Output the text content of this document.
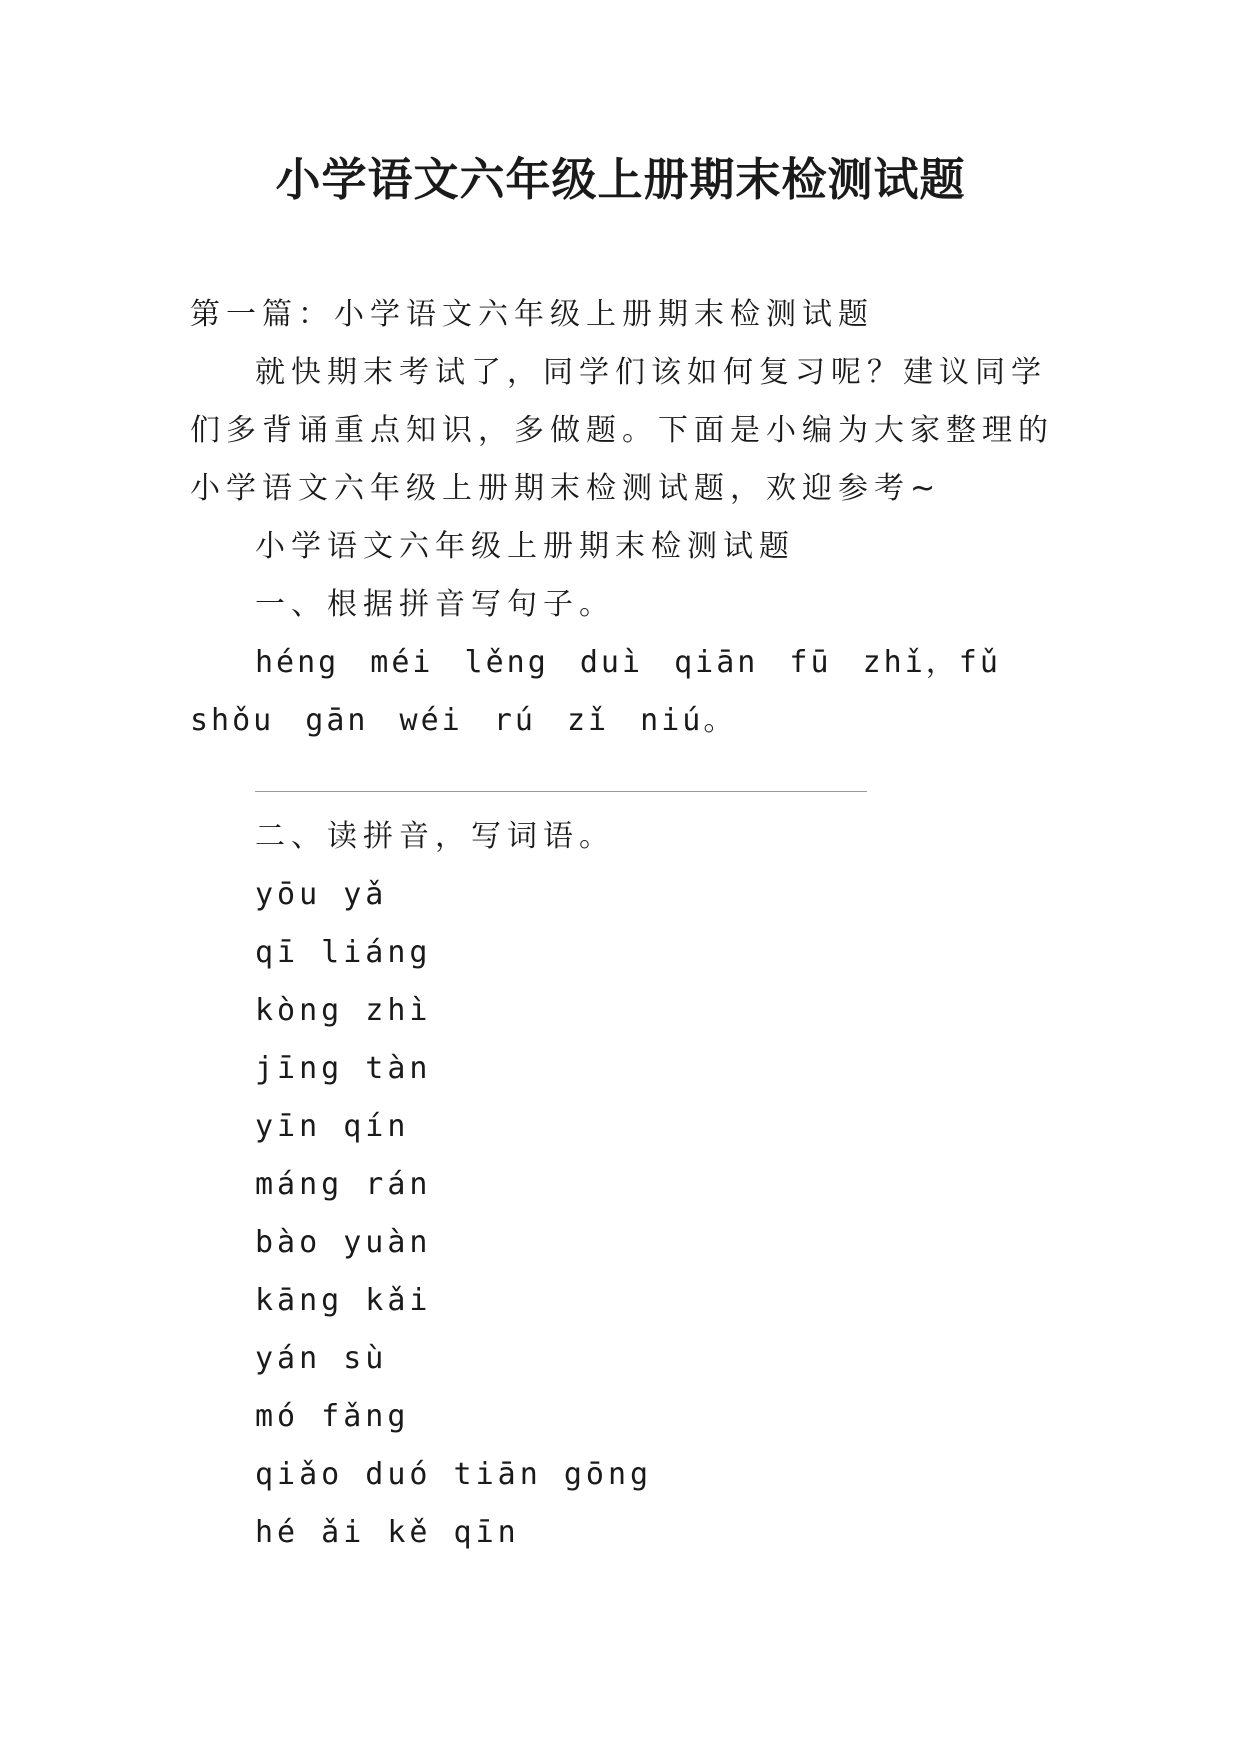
小学语文六年级上册期末检测试题
第一篇：小学语文六年级上册期末检测试题

就快期末考试了，同学们该如何复习呢？建议同学们多背诵重点知识，多做题。下面是小编为大家整理的小学语文六年级上册期末检测试题，欢迎参考~

小学语文六年级上册期末检测试题
一、根据拼音写句子。

héng méi lěng duì qiān fū zhǐ，fǔ shǒu gān wéi rú zǐ niú。

二、读拼音，写词语。
yōu yǎ
qī liáng
kòng zhì
jīng tàn
yīn qín
máng rán
bào yuàn
kāng kǎi
yán sù
mó fǎng
qiǎo duó tiān gōng
hé ǎi kě qīn
